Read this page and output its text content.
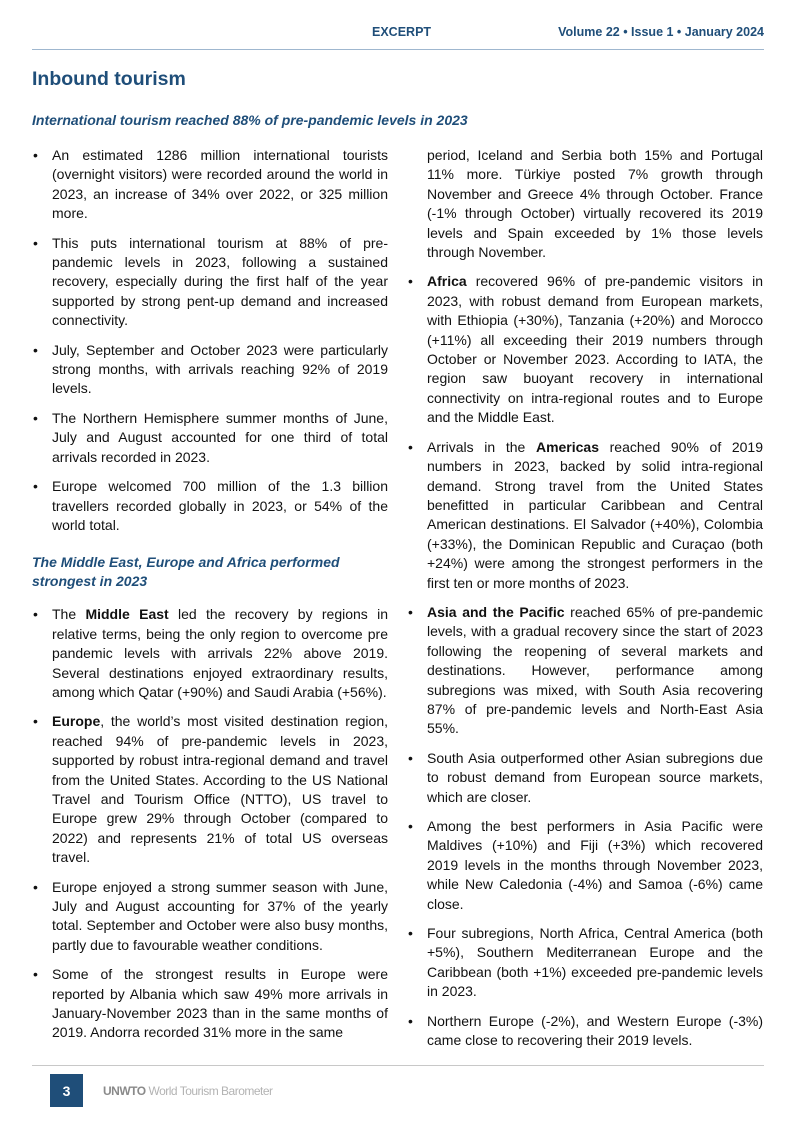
EXCERPT	Volume 22 • Issue 1 • January 2024
Inbound tourism
International tourism reached 88% of pre-pandemic levels in 2023
• An estimated 1286 million international tourists (overnight visitors) were recorded around the world in 2023, an increase of 34% over 2022, or 325 million more.
• This puts international tourism at 88% of pre-pandemic levels in 2023, following a sustained recovery, especially during the first half of the year supported by strong pent-up demand and increased connectivity.
• July, September and October 2023 were particularly strong months, with arrivals reaching 92% of 2019 levels.
• The Northern Hemisphere summer months of June, July and August accounted for one third of total arrivals recorded in 2023.
• Europe welcomed 700 million of the 1.3 billion travellers recorded globally in 2023, or 54% of the world total.
The Middle East, Europe and Africa performed strongest in 2023
• The Middle East led the recovery by regions in relative terms, being the only region to overcome pre pandemic levels with arrivals 22% above 2019. Several destinations enjoyed extraordinary results, among which Qatar (+90%) and Saudi Arabia (+56%).
• Europe, the world’s most visited destination region, reached 94% of pre-pandemic levels in 2023, supported by robust intra-regional demand and travel from the United States. According to the US National Travel and Tourism Office (NTTO), US travel to Europe grew 29% through October (compared to 2022) and represents 21% of total US overseas travel.
• Europe enjoyed a strong summer season with June, July and August accounting for 37% of the yearly total. September and October were also busy months, partly due to favourable weather conditions.
• Some of the strongest results in Europe were reported by Albania which saw 49% more arrivals in January-November 2023 than in the same months of 2019. Andorra recorded 31% more in the same
period, Iceland and Serbia both 15% and Portugal 11% more. Türkiye posted 7% growth through November and Greece 4% through October. France (-1% through October) virtually recovered its 2019 levels and Spain exceeded by 1% those levels through November.
• Africa recovered 96% of pre-pandemic visitors in 2023, with robust demand from European markets, with Ethiopia (+30%), Tanzania (+20%) and Morocco (+11%) all exceeding their 2019 numbers through October or November 2023. According to IATA, the region saw buoyant recovery in international connectivity on intra-regional routes and to Europe and the Middle East.
• Arrivals in the Americas reached 90% of 2019 numbers in 2023, backed by solid intra-regional demand. Strong travel from the United States benefitted in particular Caribbean and Central American destinations. El Salvador (+40%), Colombia (+33%), the Dominican Republic and Curaçao (both +24%) were among the strongest performers in the first ten or more months of 2023.
• Asia and the Pacific reached 65% of pre-pandemic levels, with a gradual recovery since the start of 2023 following the reopening of several markets and destinations. However, performance among subregions was mixed, with South Asia recovering 87% of pre-pandemic levels and North-East Asia 55%.
• South Asia outperformed other Asian subregions due to robust demand from European source markets, which are closer.
• Among the best performers in Asia Pacific were Maldives (+10%) and Fiji (+3%) which recovered 2019 levels in the months through November 2023, while New Caledonia (-4%) and Samoa (-6%) came close.
• Four subregions, North Africa, Central America (both +5%), Southern Mediterranean Europe and the Caribbean (both +1%) exceeded pre-pandemic levels in 2023.
• Northern Europe (-2%), and Western Europe (-3%) came close to recovering their 2019 levels.
3	UNWTO World Tourism Barometer
